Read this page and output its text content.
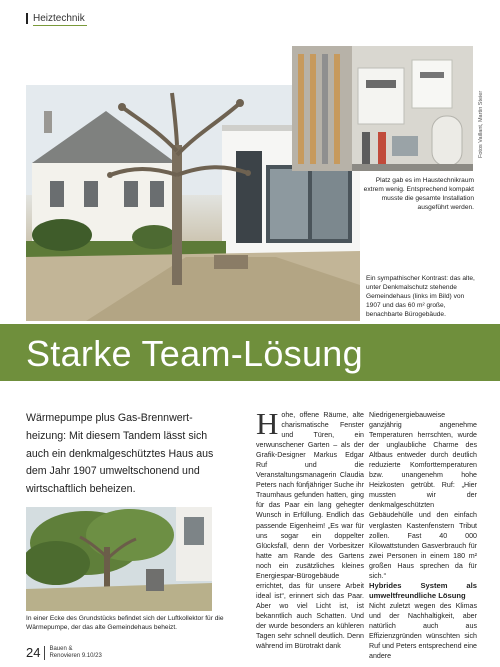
Heiztechnik
Fotos Vaillant, Martin Steier
Platz gab es im Haustechnikraum extrem wenig. Entsprechend kompakt musste die gesamte Installation ausgeführt werden.
Ein sympathischer Kontrast: das alte, unter Denkmalschutz stehende Gemeindehaus (links im Bild) von 1907 und das 60 m² große, benachbarte Bürogebäude.
Starke Team-Lösung
Wärmepumpe plus Gas-Brennwertheizung: Mit diesem Tandem lässt sich auch ein denkmalgeschütztes Haus aus dem Jahr 1907 umweltschonend und wirtschaftlich beheizen.

Hohe, offene Räume, alte charismatische Fenster und Türen, ein verwunschener Garten – als der Grafik-Designer Markus Edgar Ruf und die Veranstaltungsmanagerin Claudia Peters nach fünfjähriger Suche ihr Traumhaus gefunden hatten, ging für das Paar ein lang gehegter Wunsch in Erfüllung. Endlich das passende Eigenheim! „Es war für uns sogar ein doppelter Glücksfall, denn der Vorbesitzer hatte am Rande des Gartens noch ein zusätzliches kleines Energiespar-Bürogebäude errichtet, das für unsere Arbeit ideal ist“, erinnert sich das Paar. Aber wo viel Licht ist, ist bekanntlich auch Schatten. Und der wurde besonders an kühleren Tagen sehr schnell deutlich. Denn während im Bürotrakt dank

Niedrigenergiebauweise ganzjährig angenehme Temperaturen herrschten, wurde der unglaubliche Charme des Altbaus entweder durch deutlich reduzierte Komforttemperaturen bzw. unangenehm hohe Heizkosten getrübt. Ruf: „Hier mussten wir der denkmalgeschützten Gebäudehülle und den einfach verglasten Kastenfenstern Tribut zollen. Fast 40 000 Kilowattstunden Gasverbrauch für zwei Personen in einem 180 m² großen Haus sprechen da für sich.“

Hybrides System als umweltfreundliche Lösung

Nicht zuletzt wegen des Klimas und der Nachhaltigkeit, aber natürlich auch aus Effizienzgründen wünschten sich Ruf und Peters entsprechend eine andere

In einer Ecke des Grundstücks befindet sich der Luftkollektor für die Wärmepumpe, der das alte Gemeindehaus beheizt.
24 Bauen &
Renovieren 9.10/23
